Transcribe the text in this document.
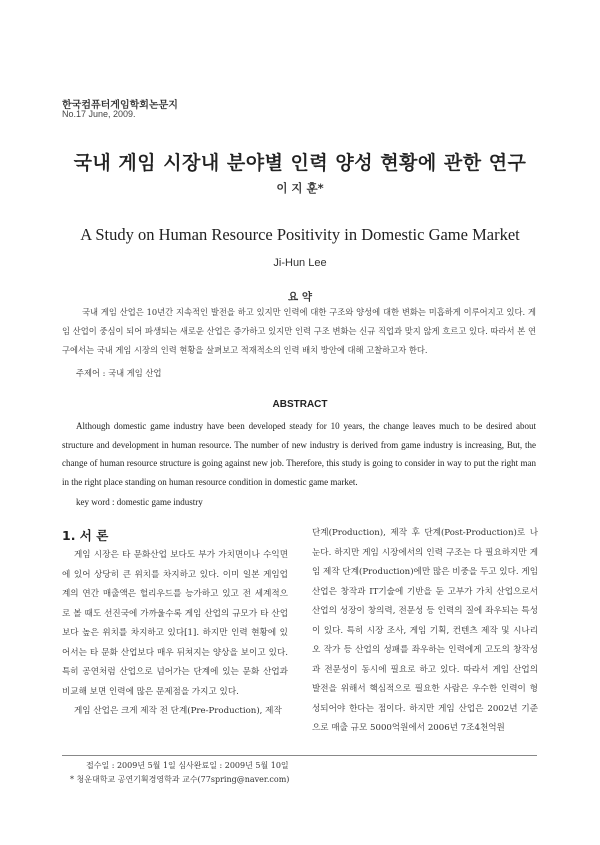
한국컴퓨터게임학회논문지
No.17 June, 2009.
국내 게임 시장내 분야별 인력 양성 현황에 관한 연구
이 지 훈*
A Study on Human Resource Positivity in Domestic Game Market
Ji-Hun Lee
요 약
국내 게임 산업은 10년간 지속적인 발전을 하고 있지만 인력에 대한 구조와 양성에 대한 변화는 미흡하게 이루어지고 있다. 게임 산업이 중심이 되어 파생되는 새로운 산업은 증가하고 있지만 인력 구조 변화는 신규 직업과 맞지 않게 흐르고 있다. 따라서 본 연구에서는 국내 게임 시장의 인력 현황을 살펴보고 적재적소의 인력 배치 방안에 대해 고찰하고자 한다.
주제어 : 국내 게임 산업
ABSTRACT
Although domestic game industry have been developed steady for 10 years, the change leaves much to be desired about structure and development in human resource. The number of new industry is derived from game industry is increasing, But, the change of human resource structure is going against new job. Therefore, this study is going to consider in way to put the right man in the right place standing on human resource condition in domestic game market.
key word : domestic game industry
1. 서 론

게임 시장은 타 문화산업 보다도 부가 가치면이나 수익면에 있어 상당히 큰 위치를 차지하고 있다. 이미 일본 게임업계의 연간 매출액은 헐리우드를 능가하고 있고 전 세계적으로 볼 때도 선진국에 가까울수록 게임 산업의 규모가 타 산업보다 높은 위치를 차지하고 있다[1]. 하지만 인력 현황에 있어서는 타 문화 산업보다 매우 뒤쳐지는 양상을 보이고 있다. 특히 공연처럼 산업으로 넘어가는 단계에 있는 문화 산업과 비교해 보면 인력에 많은 문제점을 가지고 있다.

게임 산업은 크게 제작 전 단계(Pre-Production), 제작

단계(Production), 제작 후 단계(Post-Production)로 나눈다. 하지만 게임 시장에서의 인력 구조는 다 필요하지만 게임 제작 단계(Production)에만 많은 비중을 두고 있다. 게임 산업은 창작과 IT기술에 기반을 둔 고부가 가치 산업으로서 산업의 성장이 창의력, 전문성 등 인력의 질에 좌우되는 특성이 있다. 특히 시장 조사, 게임 기획, 컨텐츠 제작 및 시나리오 작가 등 산업의 성패를 좌우하는 인력에게 고도의 창작성과 전문성이 동시에 필요로 하고 있다. 따라서 게임 산업의 발전을 위해서 핵심적으로 필요한 사람은 우수한 인력이 형성되어야 한다는 점이다. 하지만 게임 산업은 2002년 기준으로 매출 규모 5000억원에서 2006년 7조4천억원

접수일 : 2009년 5월 1일 심사완료일 : 2009년 5월 10일
* 청운대학교 공연기획경영학과 교수(77spring@naver.com)
